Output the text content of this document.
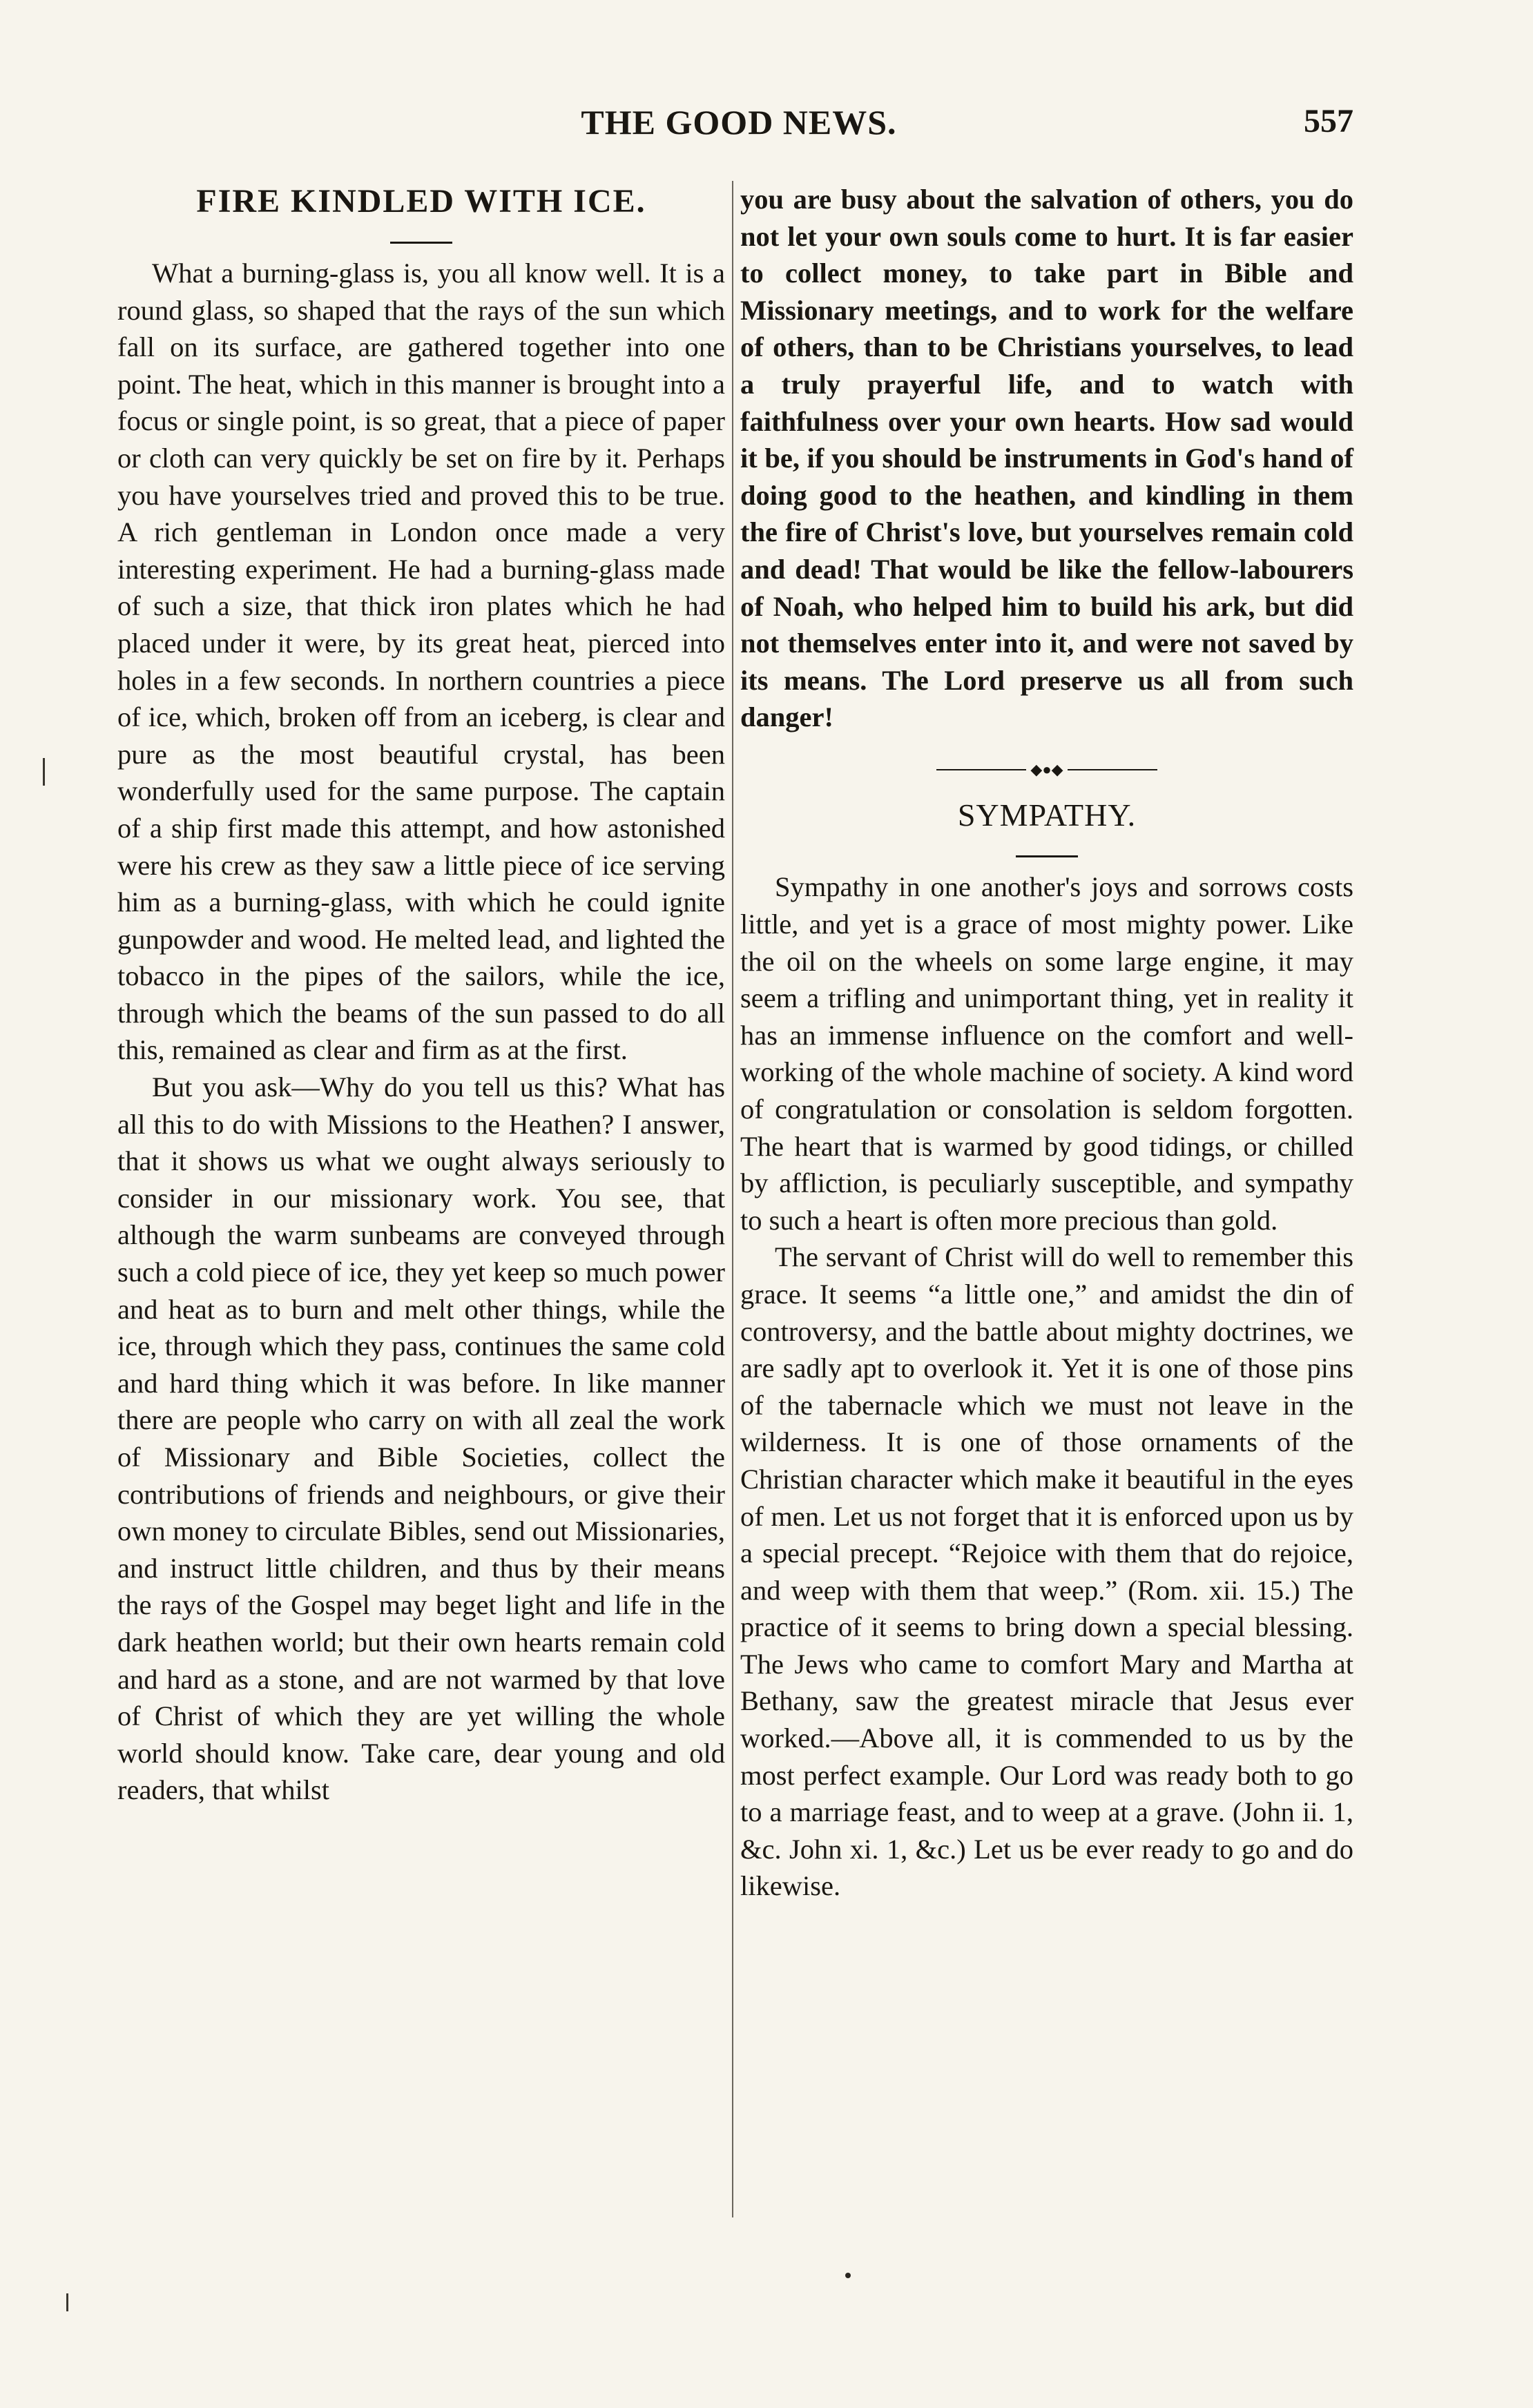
THE GOOD NEWS.	557
FIRE KINDLED WITH ICE.

What a burning-glass is, you all know well. It is a round glass, so shaped that the rays of the sun which fall on its surface, are gathered together into one point. The heat, which in this manner is brought into a focus or single point, is so great, that a piece of paper or cloth can very quickly be set on fire by it. Perhaps you have yourselves tried and proved this to be true. A rich gentleman in London once made a very interesting experiment. He had a burning-glass made of such a size, that thick iron plates which he had placed under it were, by its great heat, pierced into holes in a few seconds. In northern countries a piece of ice, which, broken off from an iceberg, is clear and pure as the most beautiful crystal, has been wonderfully used for the same purpose. The captain of a ship first made this attempt, and how astonished were his crew as they saw a little piece of ice serving him as a burning-glass, with which he could ignite gunpowder and wood. He melted lead, and lighted the tobacco in the pipes of the sailors, while the ice, through which the beams of the sun passed to do all this, remained as clear and firm as at the first.

But you ask—Why do you tell us this? What has all this to do with Missions to the Heathen? I answer, that it shows us what we ought always seriously to consider in our missionary work. You see, that although the warm sunbeams are conveyed through such a cold piece of ice, they yet keep so much power and heat as to burn and melt other things, while the ice, through which they pass, continues the same cold and hard thing which it was before. In like manner there are people who carry on with all zeal the work of Missionary and Bible Societies, collect the contributions of friends and neighbours, or give their own money to circulate Bibles, send out Missionaries, and instruct little children, and thus by their means the rays of the Gospel may beget light and life in the dark heathen world; but their own hearts remain cold and hard as a stone, and are not warmed by that love of Christ of which they are yet willing the whole world should know. Take care, dear young and old readers, that whilst

you are busy about the salvation of others, you do not let your own souls come to hurt. It is far easier to collect money, to take part in Bible and Missionary meetings, and to work for the welfare of others, than to be Christians yourselves, to lead a truly prayerful life, and to watch with faithfulness over your own hearts. How sad would it be, if you should be instruments in God's hand of doing good to the heathen, and kindling in them the fire of Christ's love, but yourselves remain cold and dead! That would be like the fellow-labourers of Noah, who helped him to build his ark, but did not themselves enter into it, and were not saved by its means. The Lord preserve us all from such danger!

◆●◆
SYMPATHY.

Sympathy in one another's joys and sorrows costs little, and yet is a grace of most mighty power. Like the oil on the wheels on some large engine, it may seem a trifling and unimportant thing, yet in reality it has an immense influence on the comfort and well-working of the whole machine of society. A kind word of congratulation or consolation is seldom forgotten. The heart that is warmed by good tidings, or chilled by affliction, is peculiarly susceptible, and sympathy to such a heart is often more precious than gold.

The servant of Christ will do well to remember this grace. It seems “a little one,” and amidst the din of controversy, and the battle about mighty doctrines, we are sadly apt to overlook it. Yet it is one of those pins of the tabernacle which we must not leave in the wilderness. It is one of those ornaments of the Christian character which make it beautiful in the eyes of men. Let us not forget that it is enforced upon us by a special precept. “Rejoice with them that do rejoice, and weep with them that weep.” (Rom. xii. 15.) The practice of it seems to bring down a special blessing. The Jews who came to comfort Mary and Martha at Bethany, saw the greatest miracle that Jesus ever worked.—Above all, it is commended to us by the most perfect example. Our Lord was ready both to go to a marriage feast, and to weep at a grave. (John ii. 1, &c. John xi. 1, &c.) Let us be ever ready to go and do likewise.
